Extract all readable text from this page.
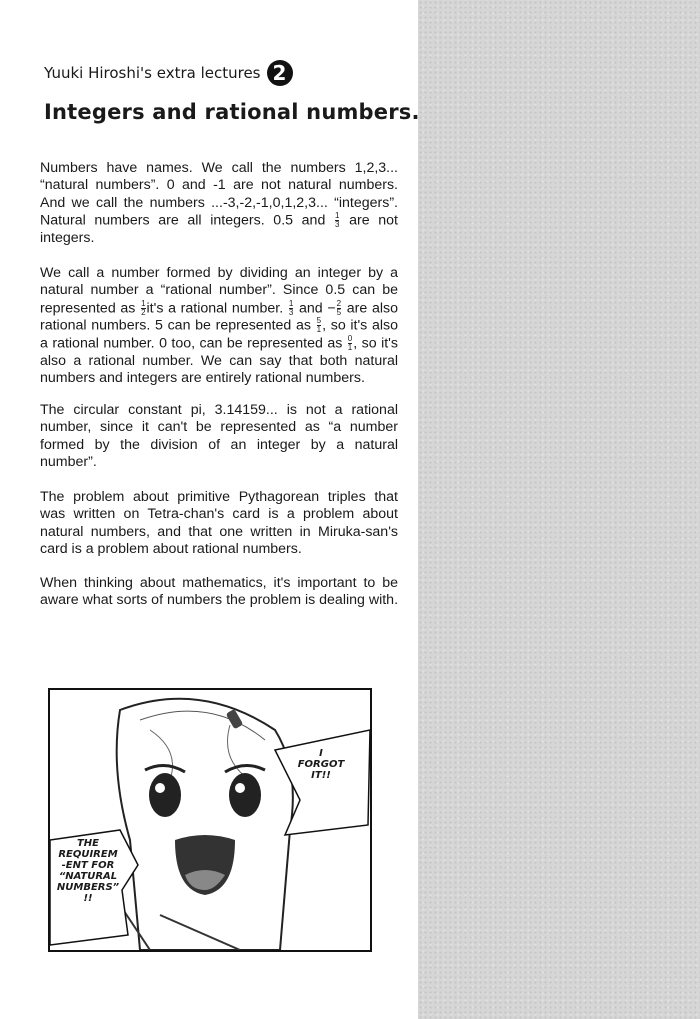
Yuuki Hiroshi's extra lectures 2
Integers and rational numbers.

Numbers have names. We call the numbers 1,2,3... “natural numbers”. 0 and -1 are not natural numbers. And we call the numbers ...-3,-2,-1,0,1,2,3... “integers”. Natural numbers are all integers. 0.5 and $\frac{1}{3}$ are not integers.

We call a number formed by dividing an integer by a natural number a “rational number”. Since 0.5 can be represented as $\frac{1}{2} it's$ a rational number. $\frac{1}{3}$ and − $\frac{2}{5}$ are also rational numbers. 5 can be represented as $\frac{5}{1}$ , so it's also a rational number. 0 too, can be represented as $\frac{0}{1}$ , so it's also a rational number. We can say that both natural numbers and integers are entirely rational numbers.

The circular constant pi, 3.14159... is not a rational number, since it can't be represented as “a number formed by the division of an integer by a natural number”.

The problem about primitive Pythagorean triples that was written on Tetra-chan's card is a problem about natural numbers, and that one written in Miruka-san's card is a problem about rational numbers.

When thinking about mathematics, it's important to be aware what sorts of numbers the problem is dealing with.

I
FORGOT
IT!!
THE
REQUIREM
-ENT FOR
“NATURAL
NUMBERS”
!!
